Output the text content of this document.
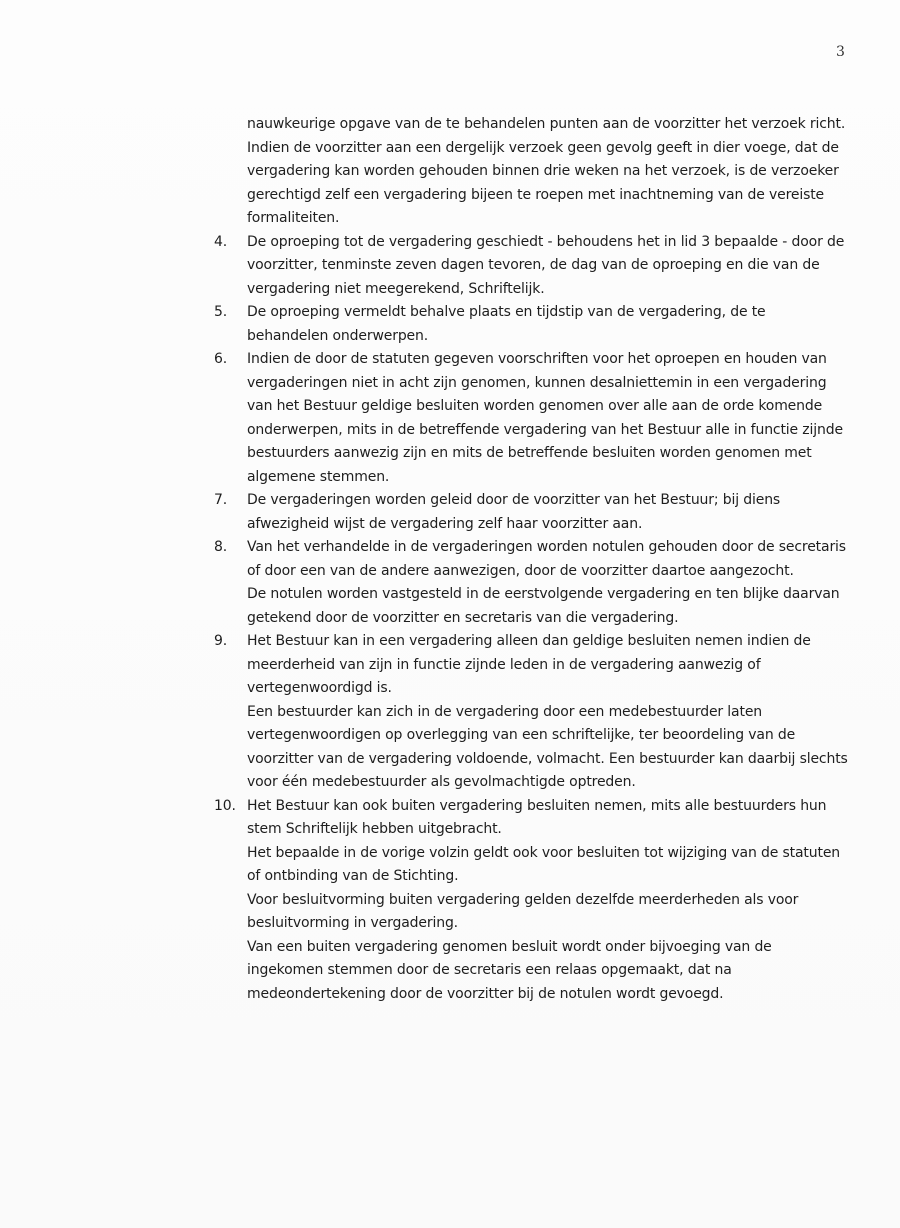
3

nauwkeurige opgave van de te behandelen punten aan de voorzitter het verzoek richt.

Indien de voorzitter aan een dergelijk verzoek geen gevolg geeft in dier voege, dat de vergadering kan worden gehouden binnen drie weken na het verzoek, is de verzoeker gerechtigd zelf een vergadering bijeen te roepen met inachtneming van de vereiste formaliteiten.

4.	De oproeping tot de vergadering geschiedt - behoudens het in lid 3 bepaalde - door de voorzitter, tenminste zeven dagen tevoren, de dag van de oproeping en die van de vergadering niet meegerekend, Schriftelijk.
5.	De oproeping vermeldt behalve plaats en tijdstip van de vergadering, de te behandelen onderwerpen.
6.	Indien de door de statuten gegeven voorschriften voor het oproepen en houden van vergaderingen niet in acht zijn genomen, kunnen desalniettemin in een vergadering van het Bestuur geldige besluiten worden genomen over alle aan de orde komende onderwerpen, mits in de betreffende vergadering van het Bestuur alle in functie zijnde bestuurders aanwezig zijn en mits de betreffende besluiten worden genomen met algemene stemmen.
7.	De vergaderingen worden geleid door de voorzitter van het Bestuur; bij diens afwezigheid wijst de vergadering zelf haar voorzitter aan.
8.	Van het verhandelde in de vergaderingen worden notulen gehouden door de secretaris of door een van de andere aanwezigen, door de voorzitter daartoe aangezocht.
De notulen worden vastgesteld in de eerstvolgende vergadering en ten blijke daarvan getekend door de voorzitter en secretaris van die vergadering.
9.	Het Bestuur kan in een vergadering alleen dan geldige besluiten nemen indien de meerderheid van zijn in functie zijnde leden in de vergadering aanwezig of vertegenwoordigd is.
Een bestuurder kan zich in de vergadering door een medebestuurder laten vertegenwoordigen op overlegging van een schriftelijke, ter beoordeling van de voorzitter van de vergadering voldoende, volmacht. Een bestuurder kan daarbij slechts voor één medebestuurder als gevolmachtigde optreden.
10. Het Bestuur kan ook buiten vergadering besluiten nemen, mits alle bestuurders hun stem Schriftelijk hebben uitgebracht.
Het bepaalde in de vorige volzin geldt ook voor besluiten tot wijziging van de statuten of ontbinding van de Stichting.
Voor besluitvorming buiten vergadering gelden dezelfde meerderheden als voor besluitvorming in vergadering.
Van een buiten vergadering genomen besluit wordt onder bijvoeging van de ingekomen stemmen door de secretaris een relaas opgemaakt, dat na medeondertekening door de voorzitter bij de notulen wordt gevoegd.
